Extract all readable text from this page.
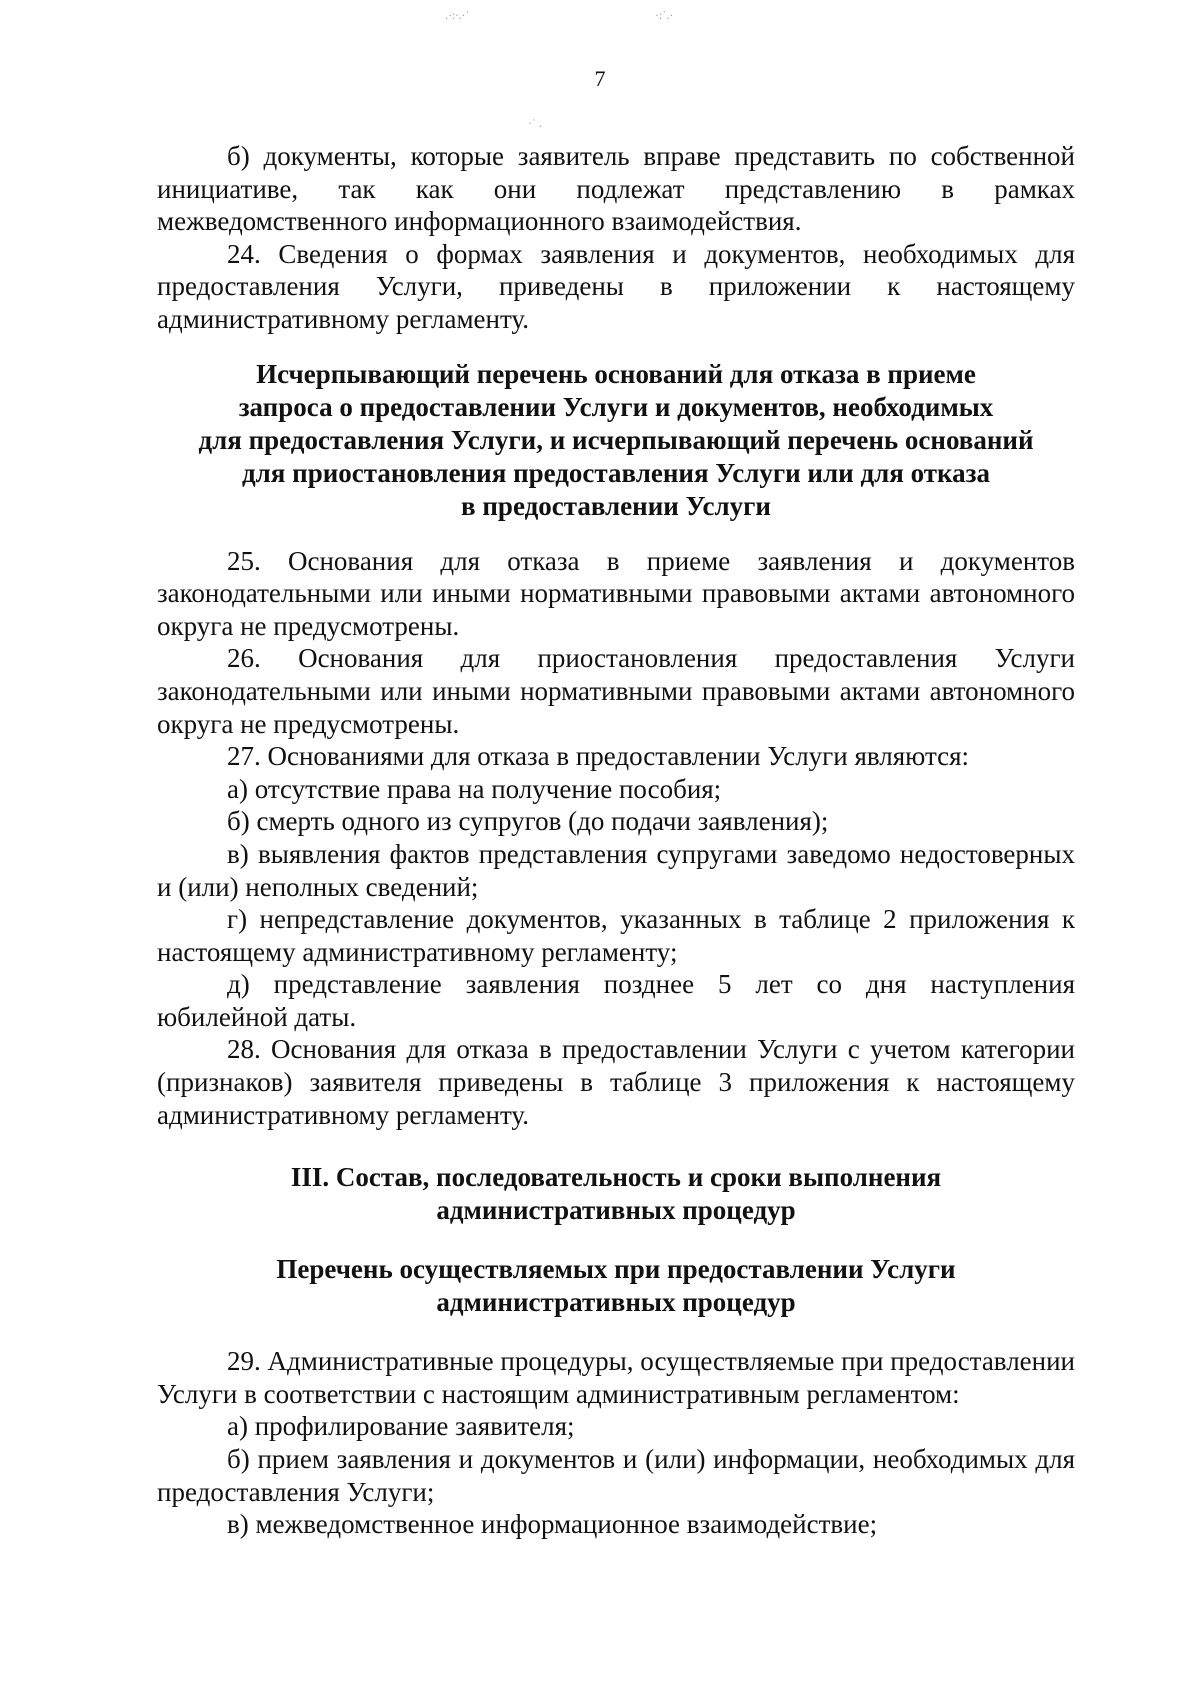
7
.·:∙.·˙	·:˙.·
·˙ .

б) документы, которые заявитель вправе представить по собственной инициативе, так как они подлежат представлению в рамках межведомственного информационного взаимодействия.

24. Сведения о формах заявления и документов, необходимых для предоставления Услуги, приведены в приложении к настоящему административному регламенту.

Исчерпывающий перечень оснований для отказа в приеме
запроса о предоставлении Услуги и документов, необходимых
для предоставления Услуги, и исчерпывающий перечень оснований
для приостановления предоставления Услуги или для отказа
в предоставлении Услуги

25. Основания для отказа в приеме заявления и документов законодательными или иными нормативными правовыми актами автономного округа не предусмотрены.

26. Основания для приостановления предоставления Услуги законодательными или иными нормативными правовыми актами автономного округа не предусмотрены.

27. Основаниями для отказа в предоставлении Услуги являются:

а) отсутствие права на получение пособия;

б) смерть одного из супругов (до подачи заявления);

в) выявления фактов представления супругами заведомо недостоверных и (или) неполных сведений;

г) непредставление документов, указанных в таблице 2 приложения к настоящему административному регламенту;

д) представление заявления позднее 5 лет со дня наступления юбилейной даты.

28. Основания для отказа в предоставлении Услуги с учетом категории (признаков) заявителя приведены в таблице 3 приложения к настоящему административному регламенту.

III. Состав, последовательность и сроки выполнения
административных процедур
Перечень осуществляемых при предоставлении Услуги
административных процедур

29. Административные процедуры, осуществляемые при предоставлении Услуги в соответствии с настоящим административным регламентом:

а) профилирование заявителя;

б) прием заявления и документов и (или) информации, необходимых для предоставления Услуги;

в) межведомственное информационное взаимодействие;
